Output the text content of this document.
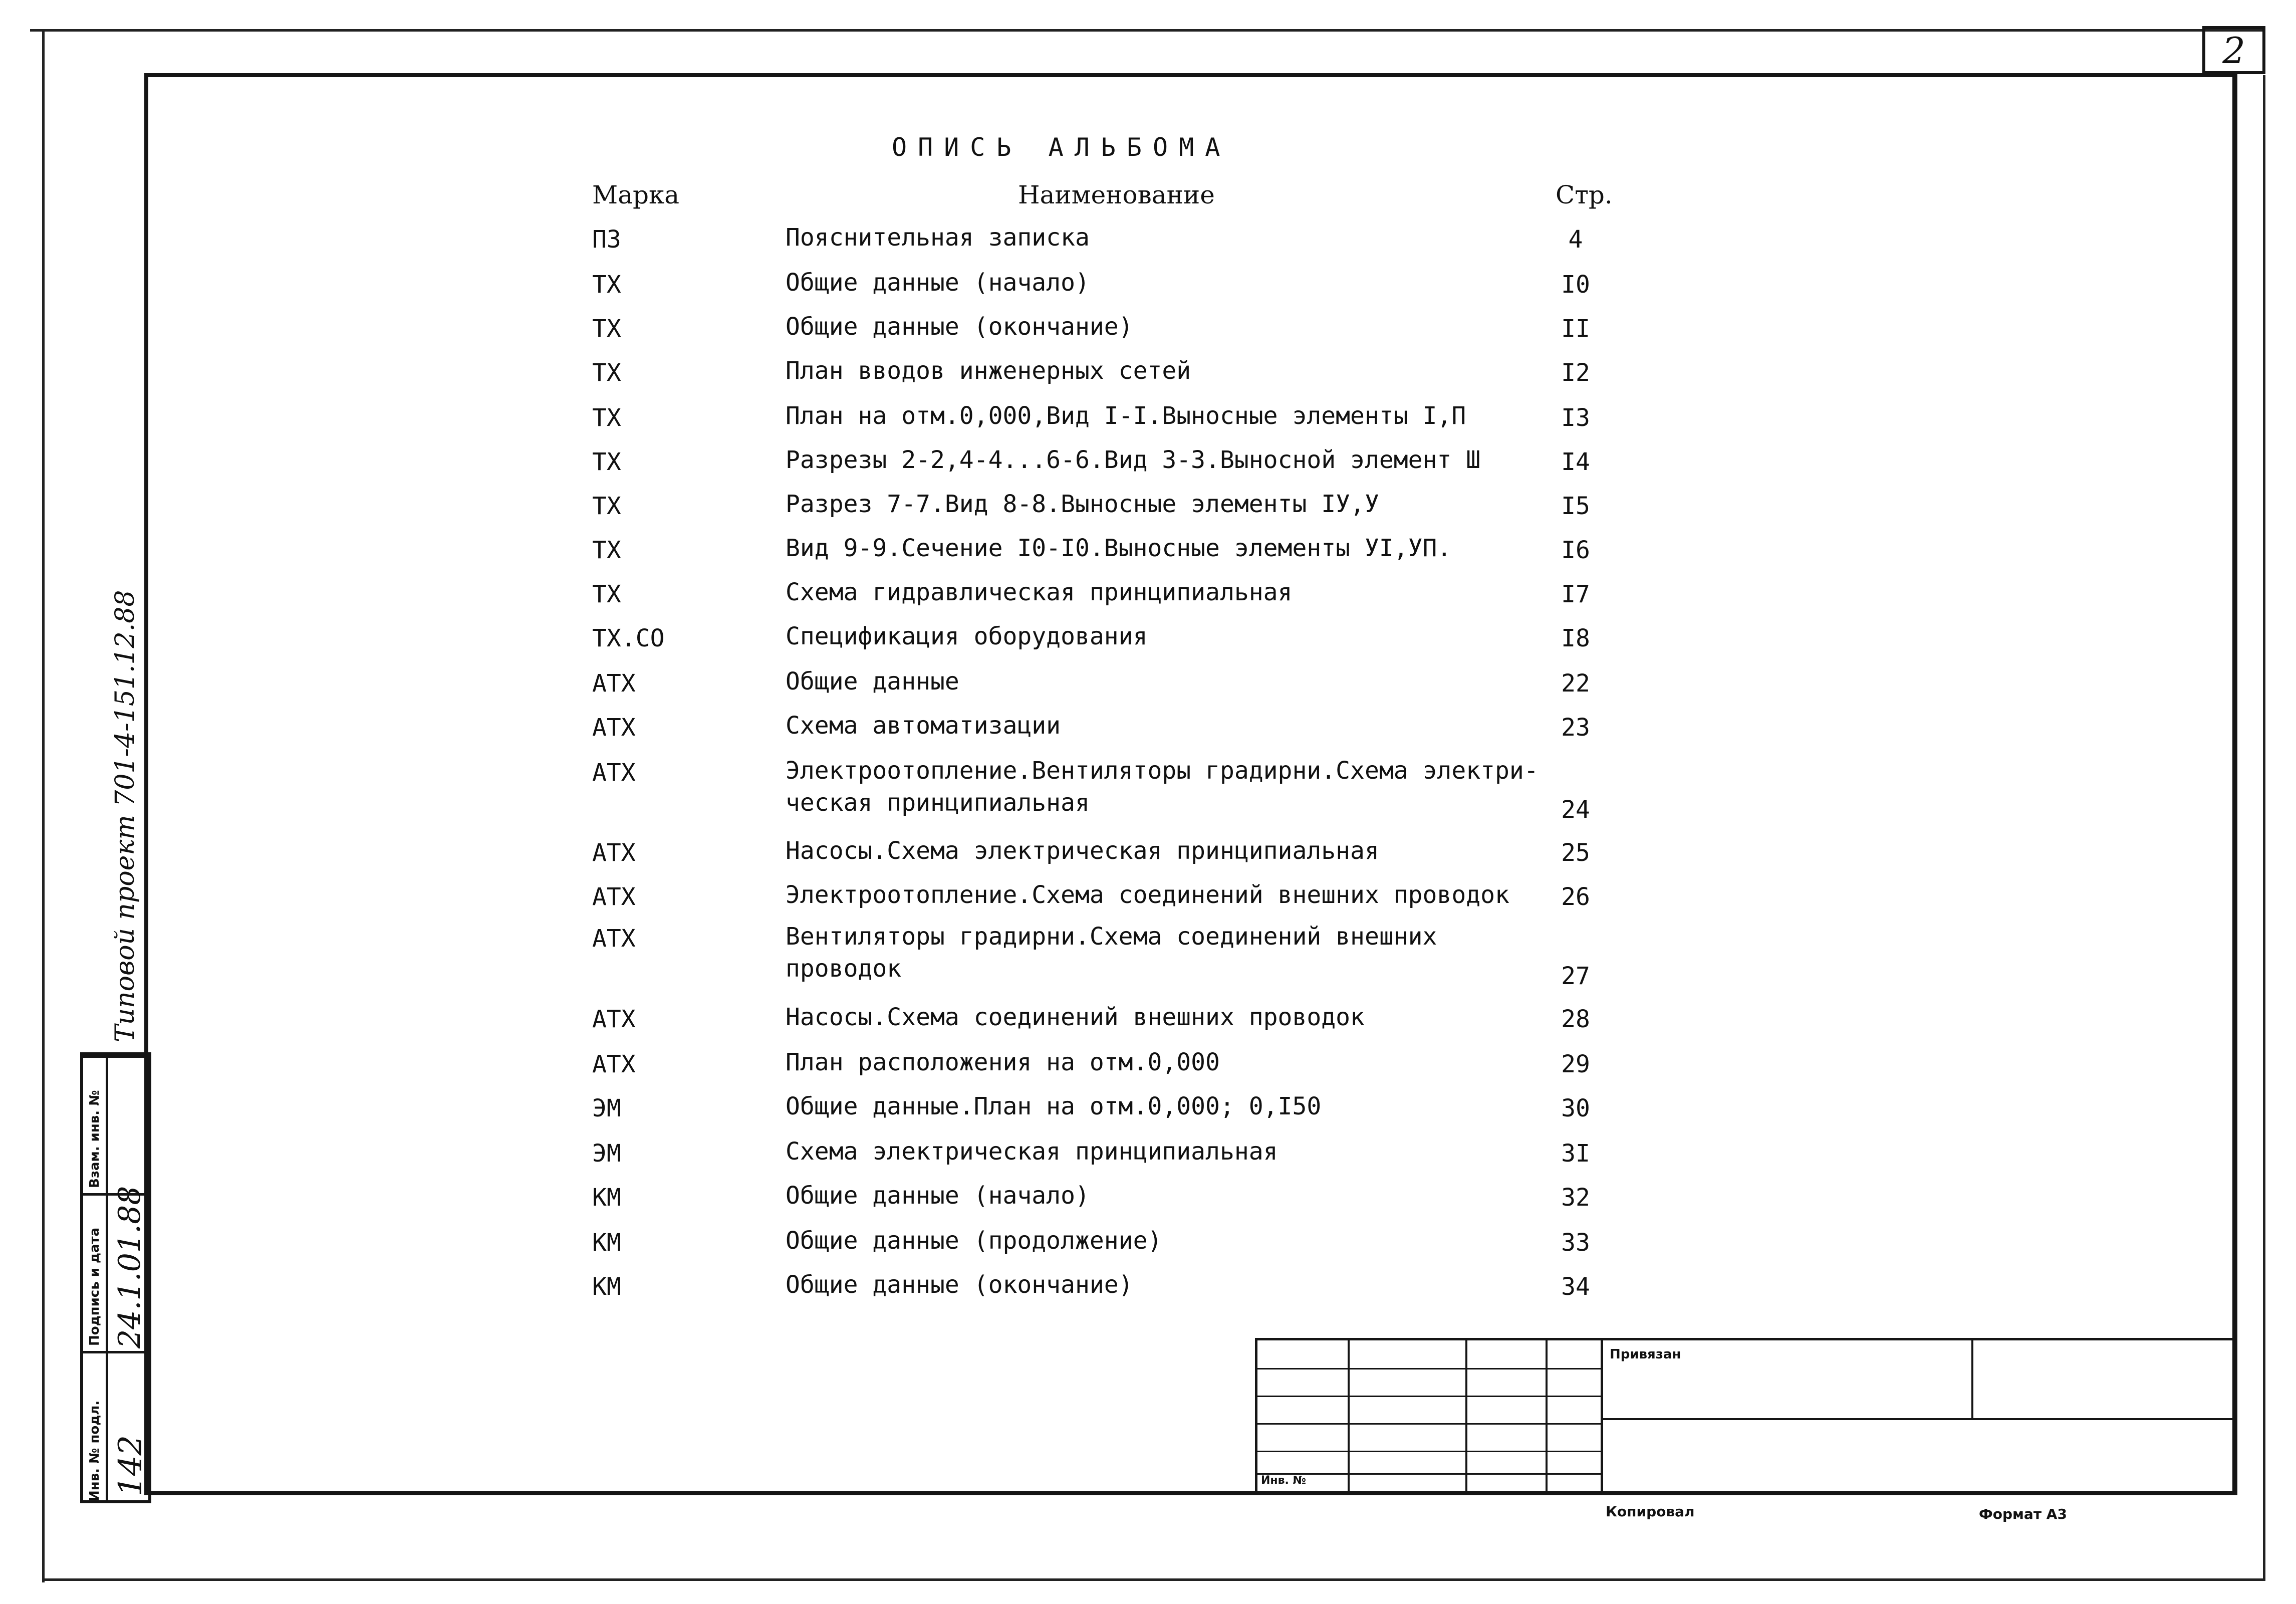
2
ОПИСЬ АЛЬБОМА
Марка	Наименование	Стр.
ПЗ	Пояснительная записка	4
ТХ	Общие данные (начало)	I0
ТХ	Общие данные (окончание)	II
ТХ	План вводов инженерных сетей	I2
ТХ	План на отм.0,000,Вид I-I.Выносные элементы I,П	I3
ТХ	Разрезы 2-2,4-4...6-6.Вид 3-3.Выносной элемент Ш	I4
ТХ	Разрез 7-7.Вид 8-8.Выносные элементы IУ,У	I5
ТХ	Вид 9-9.Сечение I0-I0.Выносные элементы УI,УП.	I6
ТХ	Схема гидравлическая принципиальная	I7
ТХ.СО	Спецификация оборудования	I8
АТХ	Общие данные	22
АТХ	Схема автоматизации	23
АТХ	Электроотопление.Вентиляторы градирни.Схема электри-
ческая принципиальная	24
АТХ	Насосы.Схема электрическая принципиальная	25
АТХ	Электроотопление.Схема соединений внешних проводок	26
АТХ	Вентиляторы градирни.Схема соединений внешних
проводок	27
АТХ	Насосы.Схема соединений внешних проводок	28
АТХ	План расположения на отм.0,000	29
ЭМ	Общие данные.План на отм.0,000; 0,I50	30
ЭМ	Схема электрическая принципиальная	3I
КМ	Общие данные (начало)	32
КМ	Общие данные (продолжение)	33
КМ	Общие данные (окончание)	34
Инв. № подл.
Подпись и дата
Взам. инв. №
142
24.1.01.88
Типовой проект 701-4-151.12.88
Привязан
Инв. №
Копировал	Формат А3
